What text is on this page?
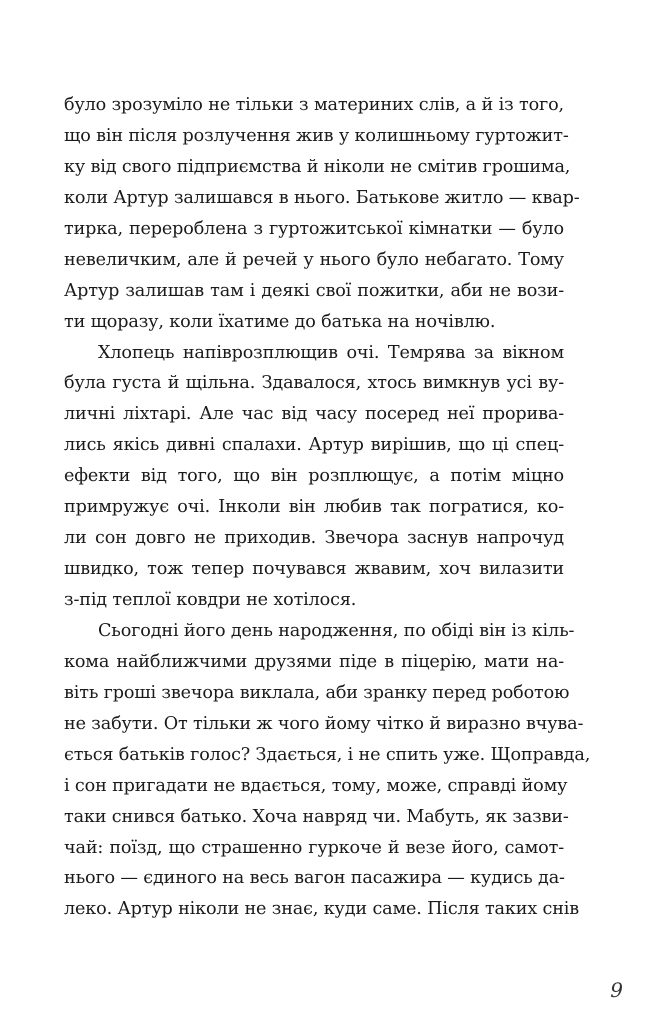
було зрозуміло не тільки з материних слів, а й із того,
що він після розлучення жив у колишньому гуртожит-
ку від свого підприємства й ніколи не смітив грошима,
коли Артур залишався в нього. Батькове житло — квар-
тирка, перероблена з гуртожитської кімнатки — було
невеличким, але й речей у нього було небагато. Тому
Артур залишав там і деякі свої пожитки, аби не вози-
ти щоразу, коли їхатиме до батька на ночівлю.
Хлопець напіврозплющив очі. Темрява за вікном
була густа й щільна. Здавалося, хтось вимкнув усі ву-
личні ліхтарі. Але час від часу посеред неї прорива-
лись якісь дивні спалахи. Артур вирішив, що ці спец-
ефекти від того, що він розплющує, а потім міцно
примружує очі. Інколи він любив так погратися, ко-
ли сон довго не приходив. Звечора заснув напрочуд
швидко, тож тепер почувався жвавим, хоч вилазити
з-під теплої ковдри не хотілося.
Сьогодні його день народження, по обіді він із кіль-
кома найближчими друзями піде в піцерію, мати на-
віть гроші звечора виклала, аби зранку перед роботою
не забути. От тільки ж чого йому чітко й виразно вчува-
ється батьків голос? Здається, і не спить уже. Щоправда,
і сон пригадати не вдається, тому, може, справді йому
таки снився батько. Хоча навряд чи. Мабуть, як зазви-
чай: поїзд, що страшенно гуркоче й везе його, самот-
нього — єдиного на весь вагон пасажира — кудись да-
леко. Артур ніколи не знає, куди саме. Після таких снів
9
